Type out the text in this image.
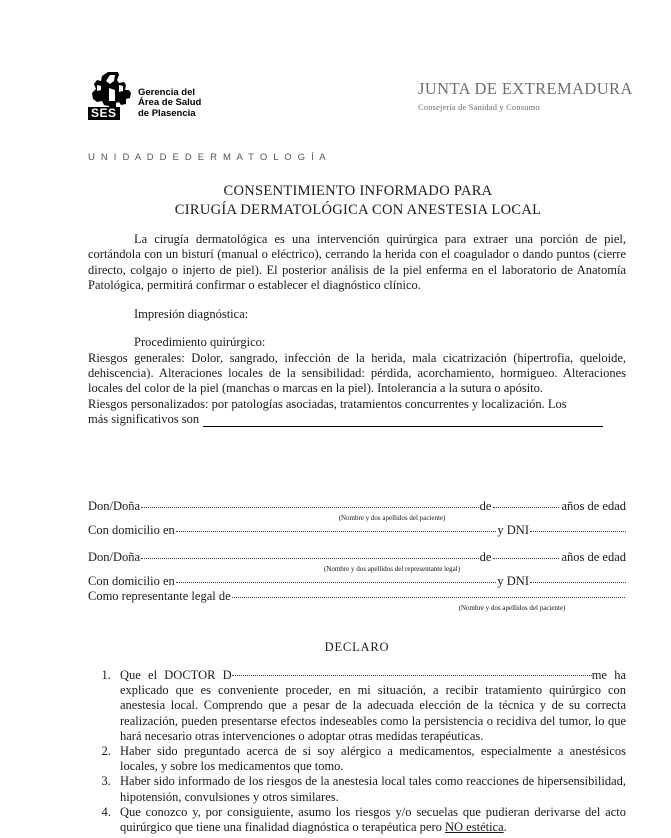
SES
Gerencia del
Área de Salud
de Plasencia
JUNTA DE EXTREMADURA
Consejería de Sanidad y Consumo
U N I D A D D E D E R M A T O L O G Í A
CONSENTIMIENTO INFORMADO PARA
CIRUGÍA DERMATOLÓGICA CON ANESTESIA LOCAL

La cirugía dermatológica es una intervención quirúrgica para extraer una porción de piel, cortándola con un bisturí (manual o eléctrico), cerrando la herida con el coagulador o dando puntos (cierre directo, colgajo o injerto de piel). El posterior análisis de la piel enferma en el laboratorio de Anatomía Patológica, permitirá confirmar o establecer el diagnóstico clínico.

Impresión diagnóstica:
Procedimiento quirúrgico:

Riesgos generales: Dolor, sangrado, infección de la herida, mala cicatrización (hipertrofia, queloide, dehiscencia). Alteraciones locales de la sensibilidad: pérdida, acorchamiento, hormigueo. Alteraciones locales del color de la piel (manchas o marcas en la piel). Intolerancia a la sutura o apósito.

Riesgos personalizados: por patologías asociadas, tratamientos concurrentes y localización. Los

más significativos son
Don/Doña	de	años de edad
(Nombre y dos apellidos del paciente)
Con domicilio en	y DNI
Don/Doña	de	años de edad
(Nombre y dos apellidos del representante legal)
Con domicilio en	y DNI
Como representante legal de
(Nombre y dos apellidos del paciente)
DECLARO
1. Que el DOCTOR D	me ha explicado que es conveniente proceder, en mi situación, a recibir tratamiento quirúrgico con anestesia local. Comprendo que a pesar de la adecuada elección de la técnica y de su correcta realización, pueden presentarse efectos indeseables como la persistencia o recidiva del tumor, lo que hará necesario otras intervenciones o adoptar otras medidas terapéuticas.
2. Haber sido preguntado acerca de si soy alérgico a medicamentos, especialmente a anestésicos locales, y sobre los medicamentos que tomo.
3. Haber sido informado de los riesgos de la anestesia local tales como reacciones de hipersensibilidad, hipotensión, convulsiones y otros similares.
4. Que conozco y, por consiguiente, asumo los riesgos y/o secuelas que pudieran derivarse del acto quirúrgico que tiene una finalidad diagnóstica o terapéutica pero NO estética.
